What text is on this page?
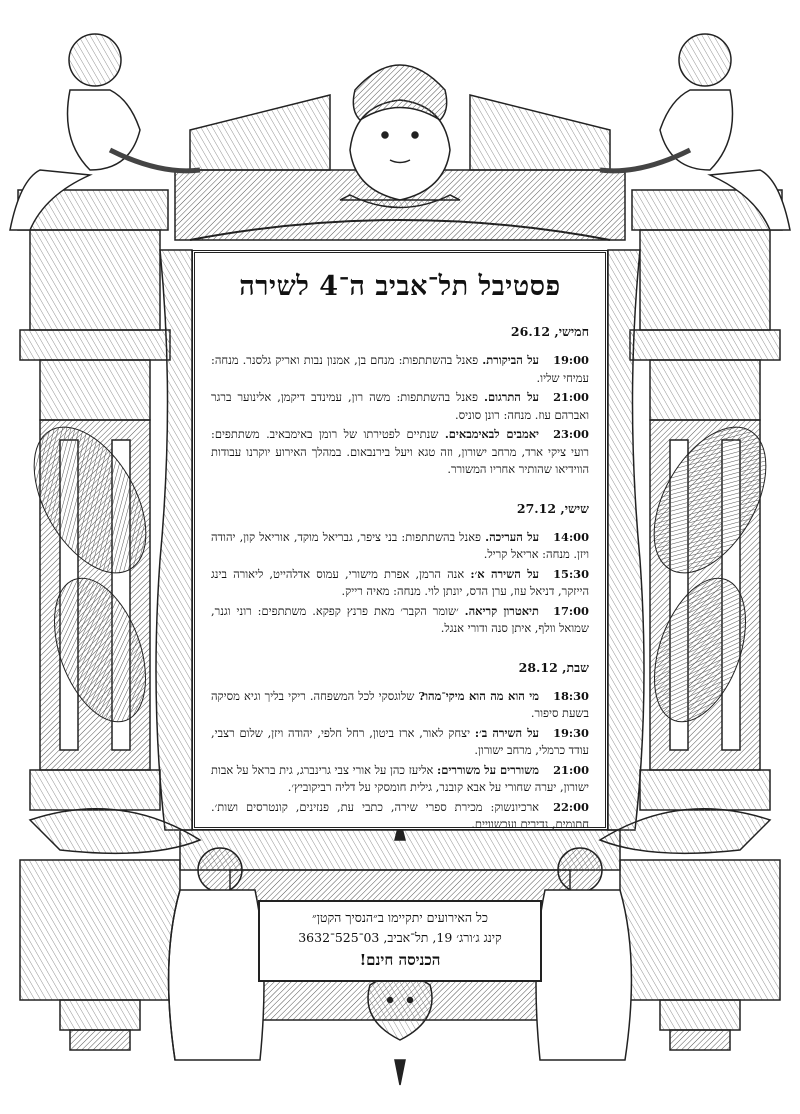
פסטיבל תל־אביב ה־4 לשירה
חמישי, 26.12
19:00על הביקורת. פאנל בהשתתפות: מנחם בן, אמנון נבות ואריק גלסנר. מנחה: עמיחי שליו.
21:00על התרגום. פאנל בהשתתפות: משה רון, עמינדב דיקמן, אלינוער ברגר ואברהם עוז. מנחה: רונן סוניס.
23:00יאמבים לבאימבאים. שנתיים לפטירתו של רומן באימבאיב. משתתפים: רועי ציקי ארד, מרחב ישורון, וזה טגא ויעל בירנבאום. במהלך האירוע יוקרנו עבודות הווידיאו שהותיר אחריו המשורר.
שישי, 27.12
14:00על העריכה. פאנל בהשתתפות: בני ציפר, גבריאל מוקד, אוריאל קון, יהודה ויזן. מנחה: אריאל קריל.
15:30על השירה א׳: אנה הרמן, אפרת מישורי, עמוס אדלהייט, ליאורה בינג הייזקר, דניאל עוז, ערן הדס, יונתן לוי. מנחה: מאיה רייק.
17:00תיאטרון קריאה. ׳שומר הקבר׳ מאת פרנץ קפקא. משתתפים: רוני וגנר, שמואל וולף, איתן סנה ודורי אנגל.
שבת, 28.12
18:30מי הוא מה הוא מיקי־מהו? שלוגסקי לכל המשפחה. ריקי בליך וגיא מסיקה בשעת סיפור.
19:30על השירה ב׳: יצחק לאור, ארז ביטון, רחל חלפי, יהודה ויזן, שלום רצבי, עודד כרמלי, מרחב ישורון.
21:00משוררים על משוררים: אליעז כהן על אורי צבי גרינברג, גית בראל על אבות ישורון, יערה שחורי על אבא קובנר, גילית חומסקי על דליה רביקוביץ׳.
22:00ארכיונשוק: מכירת ספרי שירה, כתבי עת, פנזינים, קונטרסים ושות׳. חתומים, נדירים ועכשוויים.
כל האירועים יתקיימו ב״הנסיך הקטן״
קינג ג׳ורג׳ 19, תל־אביב, 03־525־3632
הכניסה חינם!
